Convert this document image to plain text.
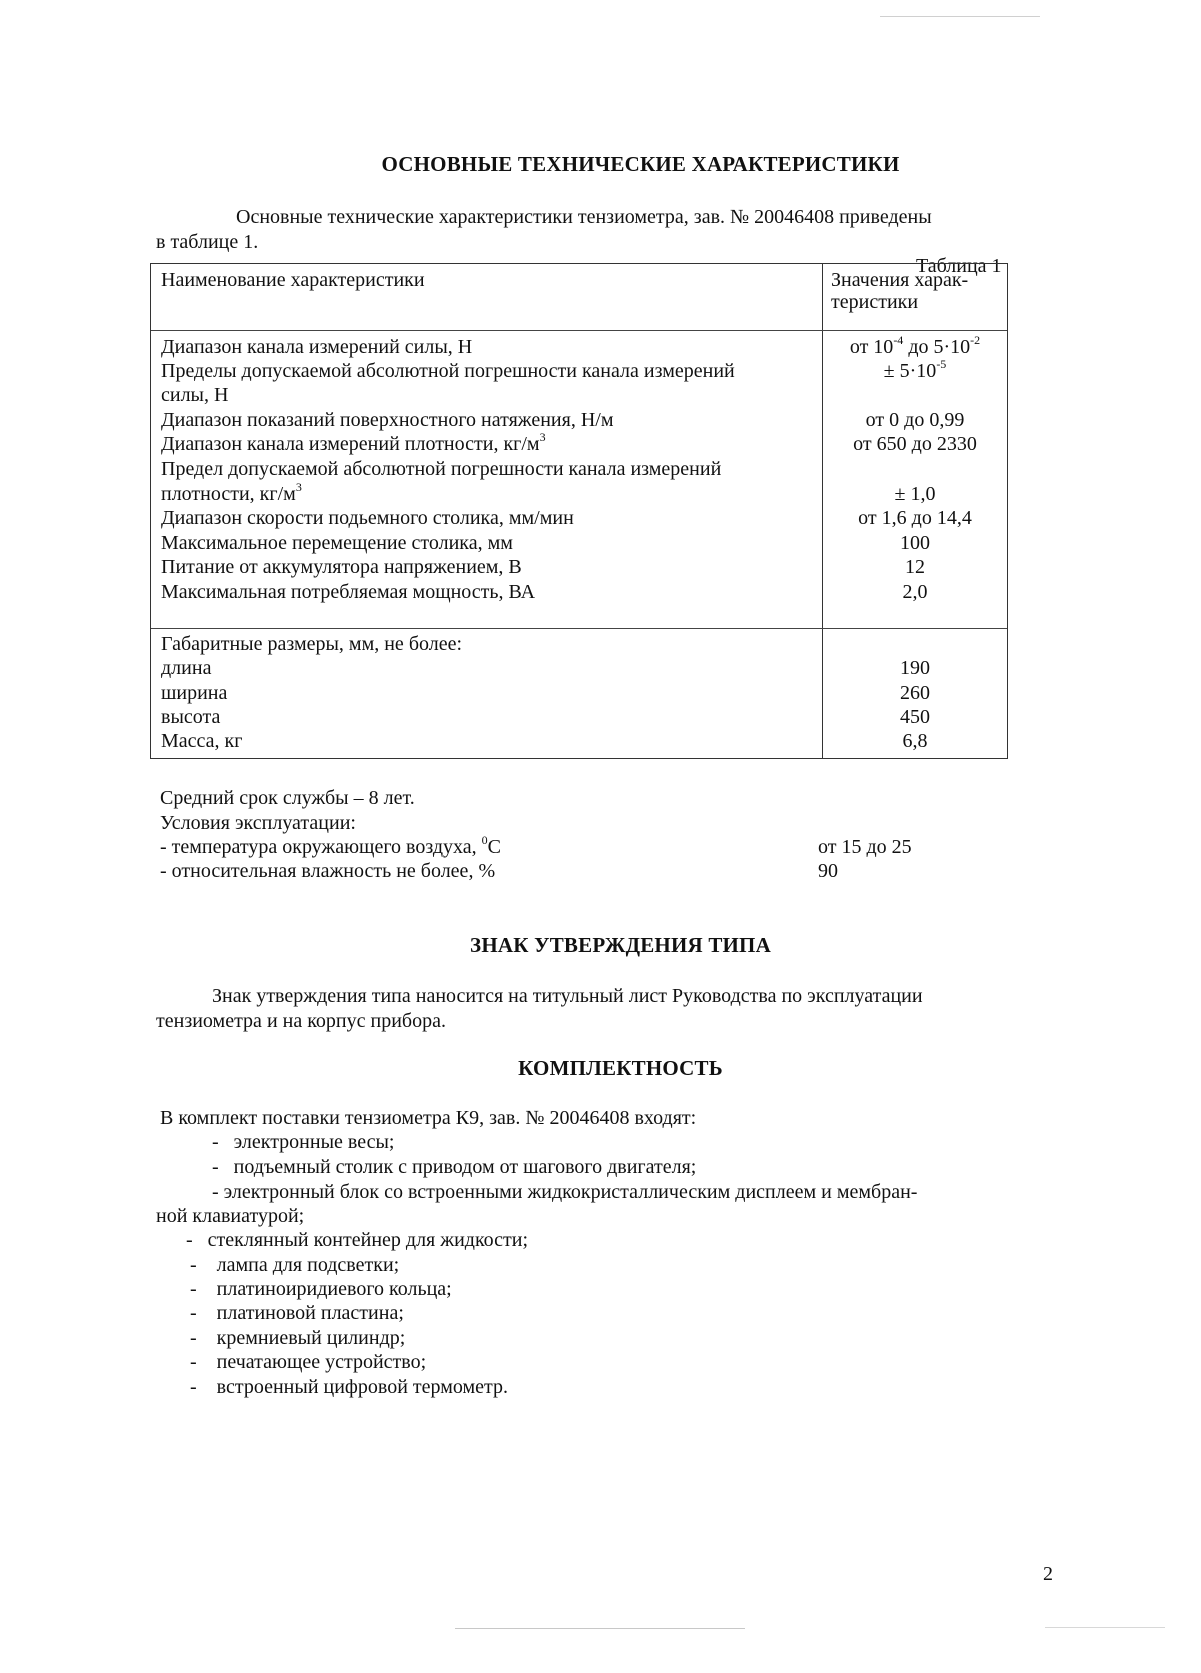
ОСНОВНЫЕ ТЕХНИЧЕСКИЕ ХАРАКТЕРИСТИКИ
Основные технические характеристики тензиометра, зав. № 20046408 приведены
в таблице 1.
Таблица 1
Наименование характеристики	Значения харак-
теристики
Диапазон канала измерений силы, Н	от $10^{-4}$ до $5\cdot 10^{-2}$
Пределы допускаемой абсолютной погрешности канала измерений	± $5\cdot 10^{-5}$
силы, Н
Диапазон показаний поверхностного натяжения, Н/м	от 0 до 0,99
Диапазон канала измерений плотности, $кг/м^3$	от 650 до 2330
Предел допускаемой абсолютной погрешности канала измерений
плотности, $кг/м^3$	± 1,0
Диапазон скорости подьемного столика, мм/мин	от 1,6 до 14,4
Максимальное перемещение столика, мм	100
Питание от аккумулятора напряжением, В	12
Максимальная потребляемая мощность, ВА	2,0
Габаритные размеры, мм, не более:
длина	190
ширина	260
высота	450
Масса, кг	6,8
Средний срок службы – 8 лет.
Условия эксплуатации:
- температура окружающего воздуха, $^0$С	от 15 до 25
- относительная влажность не более, %	90
ЗНАК УТВЕРЖДЕНИЯ ТИПА
Знак утверждения типа наносится на титульный лист Руководства по эксплуатации
тензиометра и на корпус прибора.
КОМПЛЕКТНОСТЬ
В комплект поставки тензиометра К9, зав. № 20046408 входят:
-   электронные весы;
-   подъемный столик с приводом от шагового двигателя;
- электронный блок со встроенными жидкокристаллическим дисплеем и мембран-
ной клавиатурой;
-   стеклянный контейнер для жидкости;
-    лампа для подсветки;
-    платиноиридиевого кольца;
-    платиновой пластина;
-    кремниевый цилиндр;
-    печатающее устройство;
-    встроенный цифровой термометр.
2
